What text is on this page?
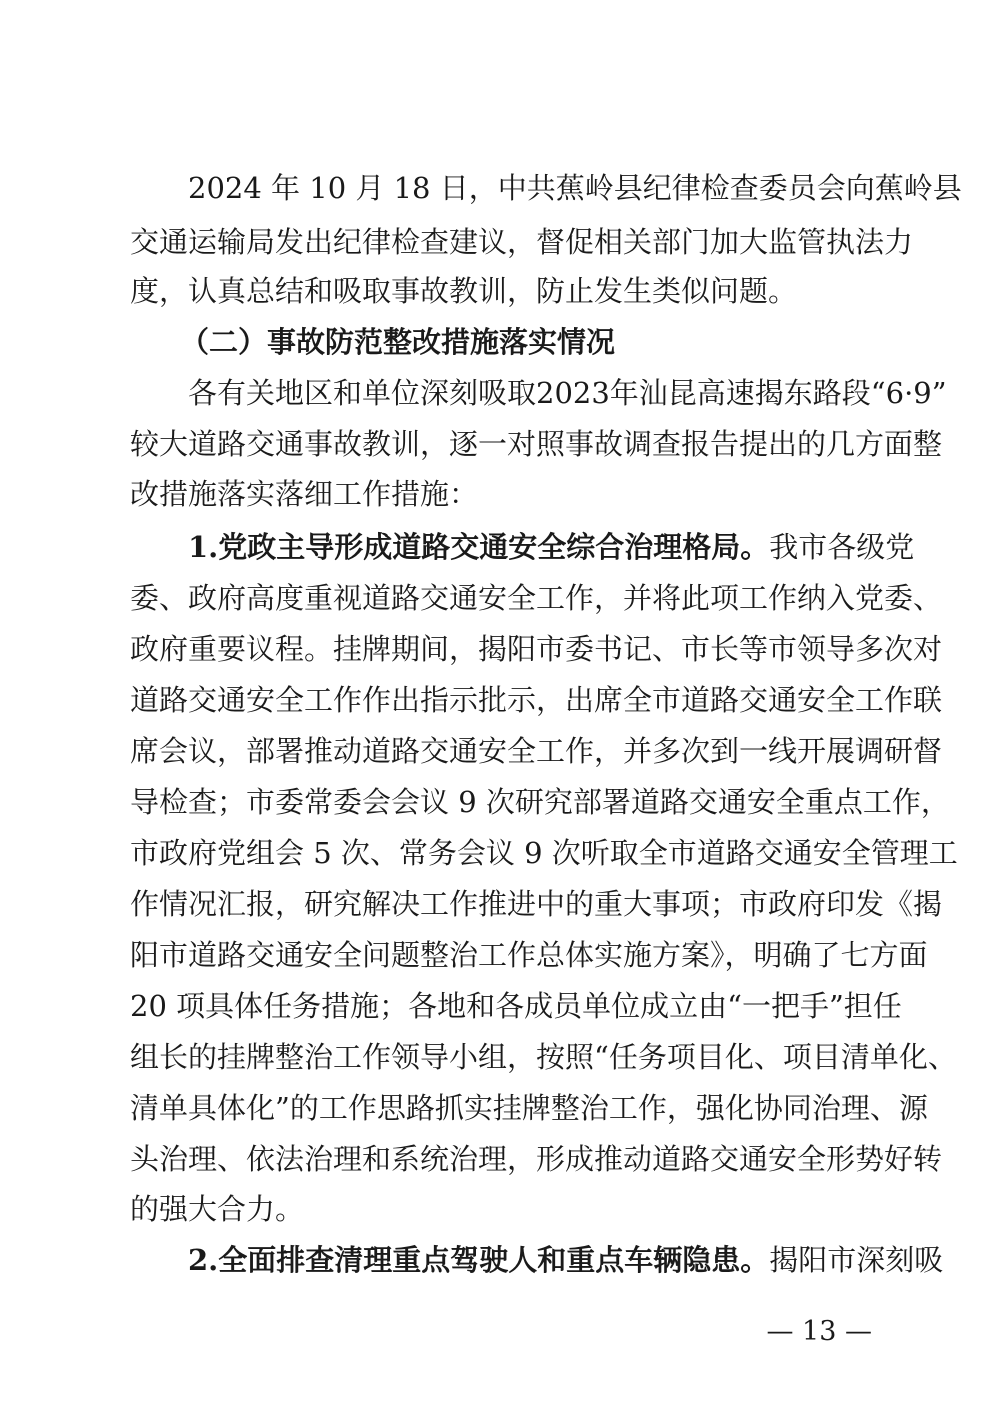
2024 年 10 月 18 日，中共蕉岭县纪律检查委员会向蕉岭县
交通运输局发出纪律检查建议，督促相关部门加大监管执法力
度，认真总结和吸取事故教训，防止发生类似问题。
（二）事故防范整改措施落实情况
各有关地区和单位深刻吸取2023年汕昆高速揭东路段“6·9”
较大道路交通事故教训，逐一对照事故调查报告提出的几方面整
改措施落实落细工作措施：
1.党政主导形成道路交通安全综合治理格局。我市各级党
委、政府高度重视道路交通安全工作，并将此项工作纳入党委、
政府重要议程。挂牌期间，揭阳市委书记、市长等市领导多次对
道路交通安全工作作出指示批示，出席全市道路交通安全工作联
席会议，部署推动道路交通安全工作，并多次到一线开展调研督
导检查；市委常委会会议 9 次研究部署道路交通安全重点工作，
市政府党组会 5 次、常务会议 9 次听取全市道路交通安全管理工
作情况汇报，研究解决工作推进中的重大事项；市政府印发《揭
阳市道路交通安全问题整治工作总体实施方案》，明确了七方面
20 项具体任务措施；各地和各成员单位成立由“一把手”担任
组长的挂牌整治工作领导小组，按照“任务项目化、项目清单化、
清单具体化”的工作思路抓实挂牌整治工作，强化协同治理、源
头治理、依法治理和系统治理，形成推动道路交通安全形势好转
的强大合力。
2.全面排查清理重点驾驶人和重点车辆隐患。揭阳市深刻吸
— 13 —
